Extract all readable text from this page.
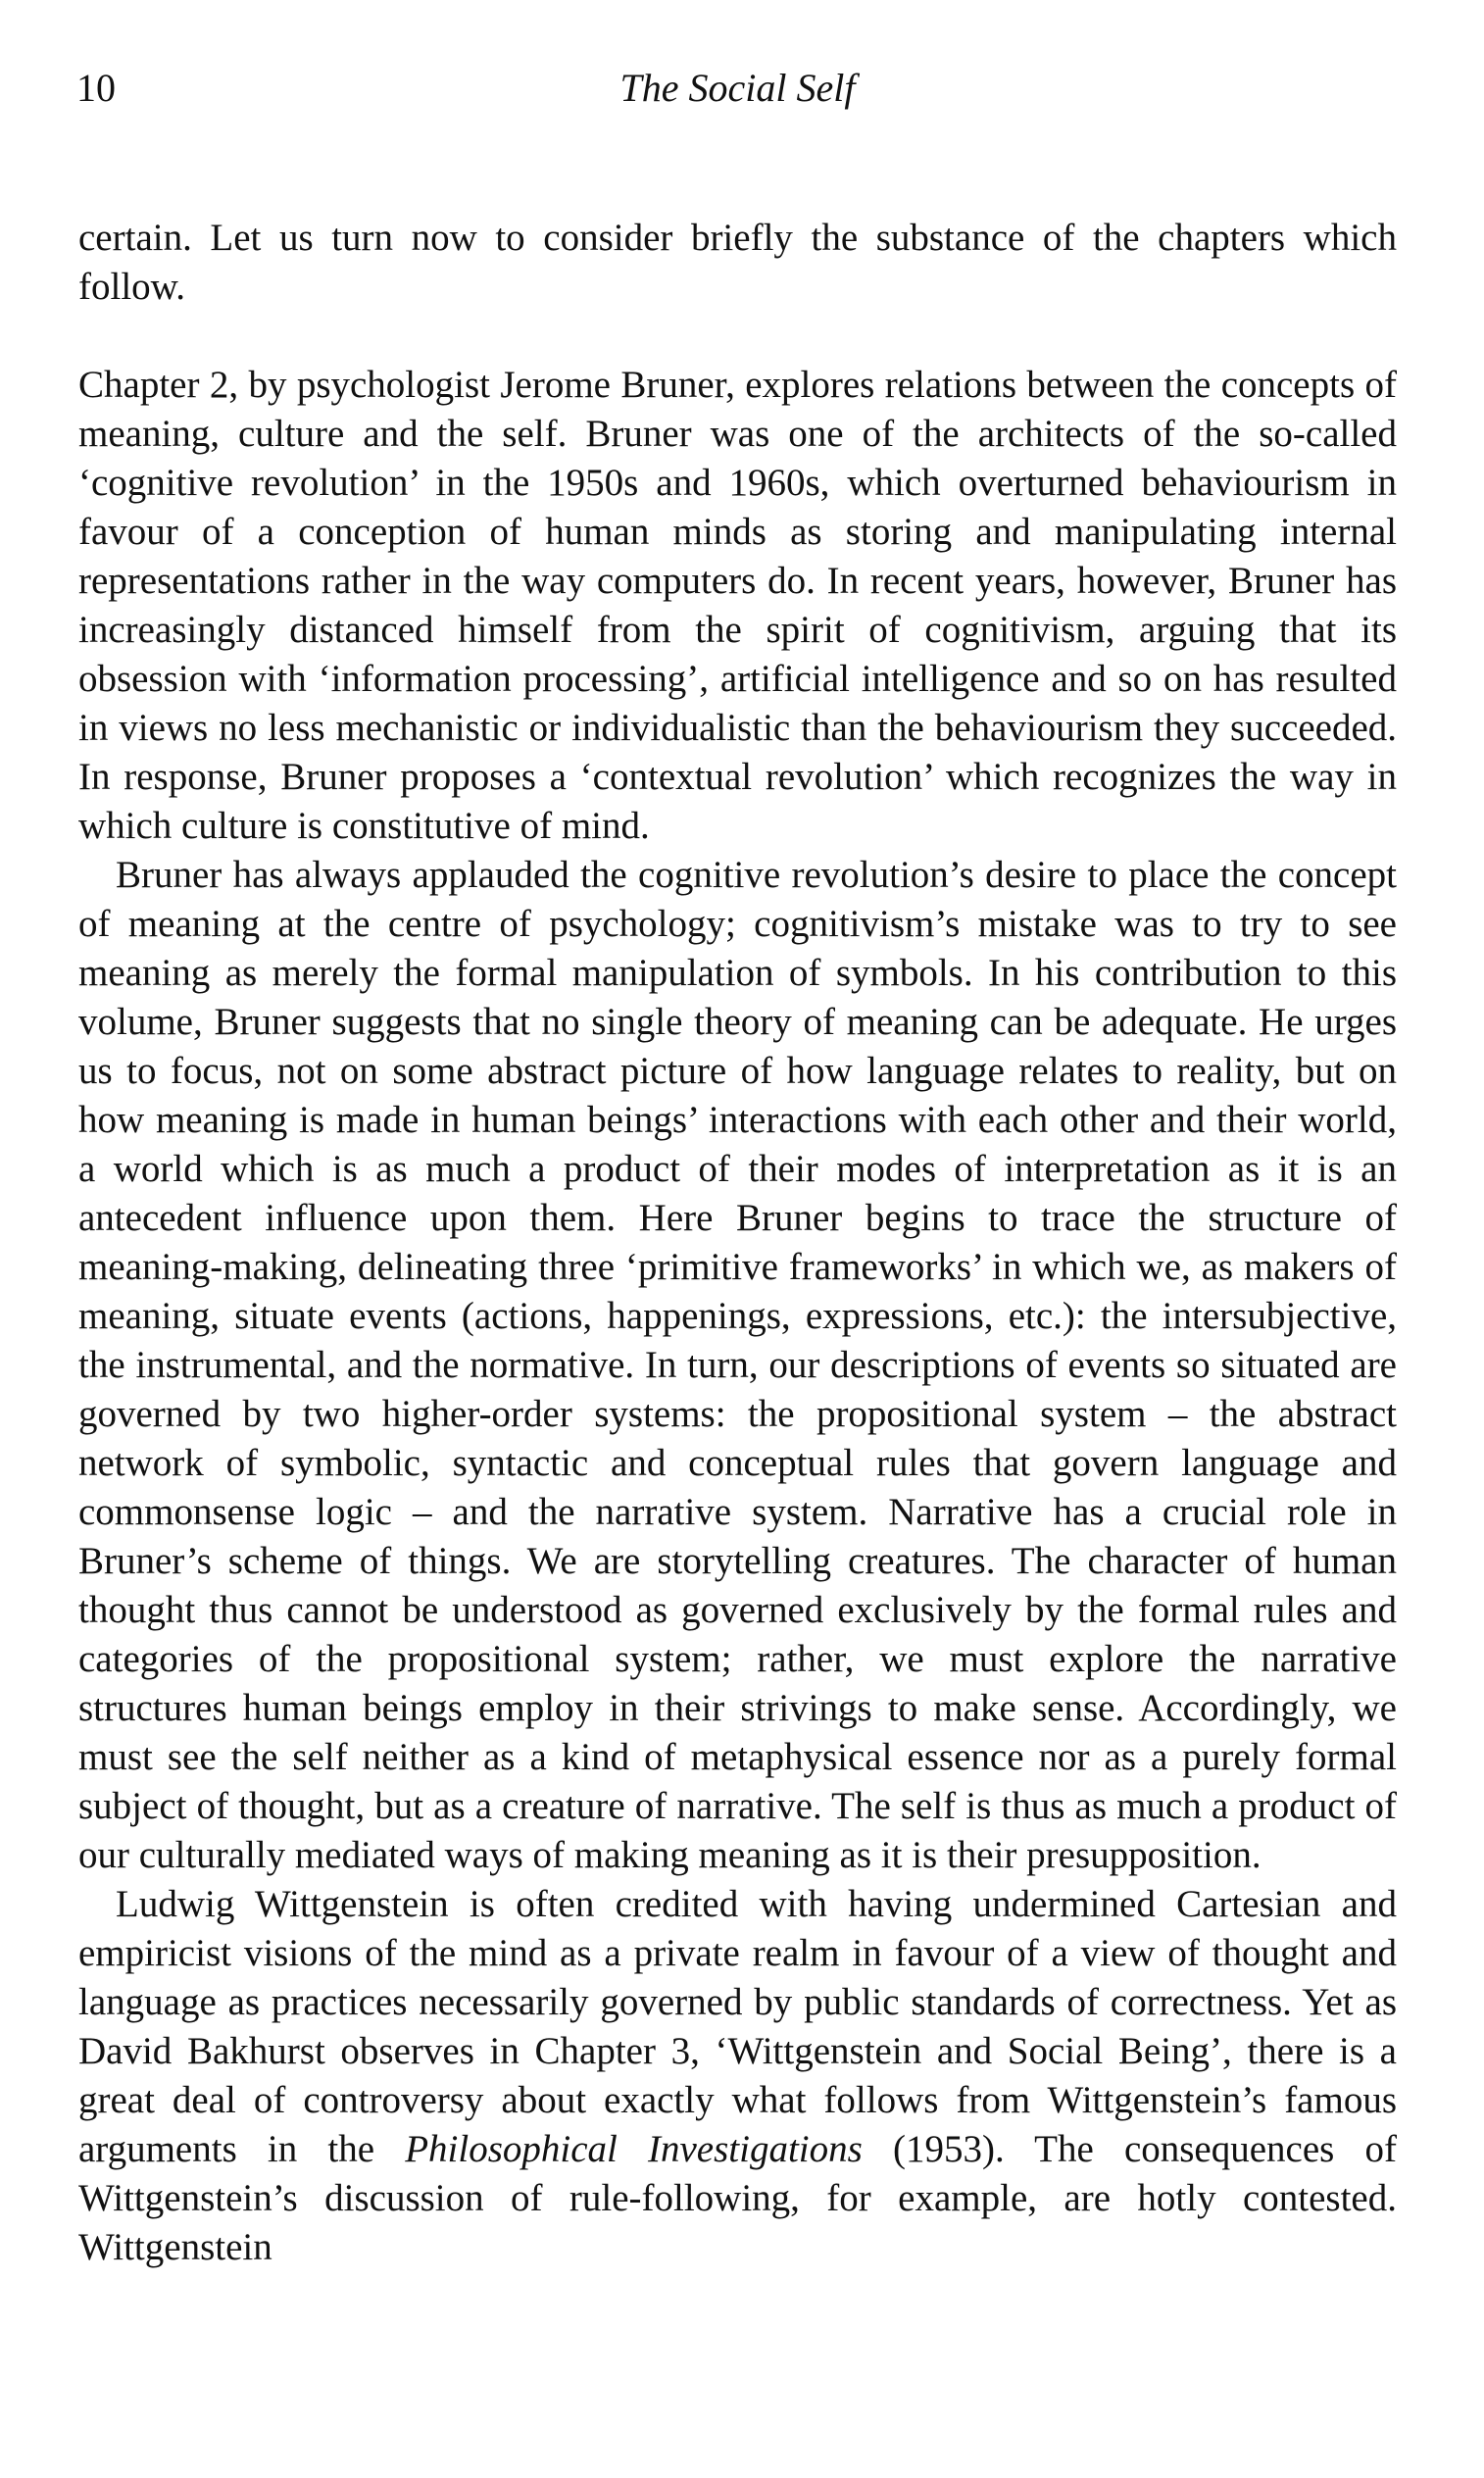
10	The Social Self

certain. Let us turn now to consider briefly the substance of the chapters which follow.

Chapter 2, by psychologist Jerome Bruner, explores relations between the concepts of meaning, culture and the self. Bruner was one of the architects of the so-called ‘cognitive revolution’ in the 1950s and 1960s, which overturned behaviourism in favour of a conception of human minds as storing and manipulating internal representations rather in the way computers do. In recent years, however, Bruner has increasingly distanced himself from the spirit of cognitivism, arguing that its obsession with ‘information processing’, artificial intelligence and so on has resulted in views no less mechanistic or individualistic than the behaviourism they succeeded. In response, Bruner proposes a ‘contextual revolution’ which recognizes the way in which culture is constitutive of mind.

Bruner has always applauded the cognitive revolution’s desire to place the concept of meaning at the centre of psychology; cognitivism’s mistake was to try to see meaning as merely the formal manipulation of symbols. In his contribution to this volume, Bruner suggests that no single theory of meaning can be adequate. He urges us to focus, not on some abstract picture of how language relates to reality, but on how meaning is made in human beings’ interactions with each other and their world, a world which is as much a product of their modes of interpretation as it is an antecedent influence upon them. Here Bruner begins to trace the structure of meaning-making, delineating three ‘primitive frameworks’ in which we, as makers of meaning, situate events (actions, happenings, expressions, etc.): the intersubjective, the instrumental, and the normative. In turn, our descriptions of events so situated are governed by two higher-order systems: the propositional system – the abstract network of symbolic, syntactic and conceptual rules that govern language and commonsense logic – and the narrative system. Narrative has a crucial role in Bruner’s scheme of things. We are storytelling creatures. The character of human thought thus cannot be understood as governed exclusively by the formal rules and categories of the propositional system; rather, we must explore the narrative structures human beings employ in their strivings to make sense. Accordingly, we must see the self neither as a kind of metaphysical essence nor as a purely formal subject of thought, but as a creature of narrative. The self is thus as much a product of our culturally mediated ways of making meaning as it is their presupposition.

Ludwig Wittgenstein is often credited with having undermined Cartesian and empiricist visions of the mind as a private realm in favour of a view of thought and language as practices necessarily governed by public standards of correctness. Yet as David Bakhurst observes in Chapter 3, ‘Wittgenstein and Social Being’, there is a great deal of controversy about exactly what follows from Wittgenstein’s famous arguments in the Philosophical Investigations (1953). The consequences of Wittgenstein’s discussion of rule-following, for example, are hotly contested. Wittgenstein
